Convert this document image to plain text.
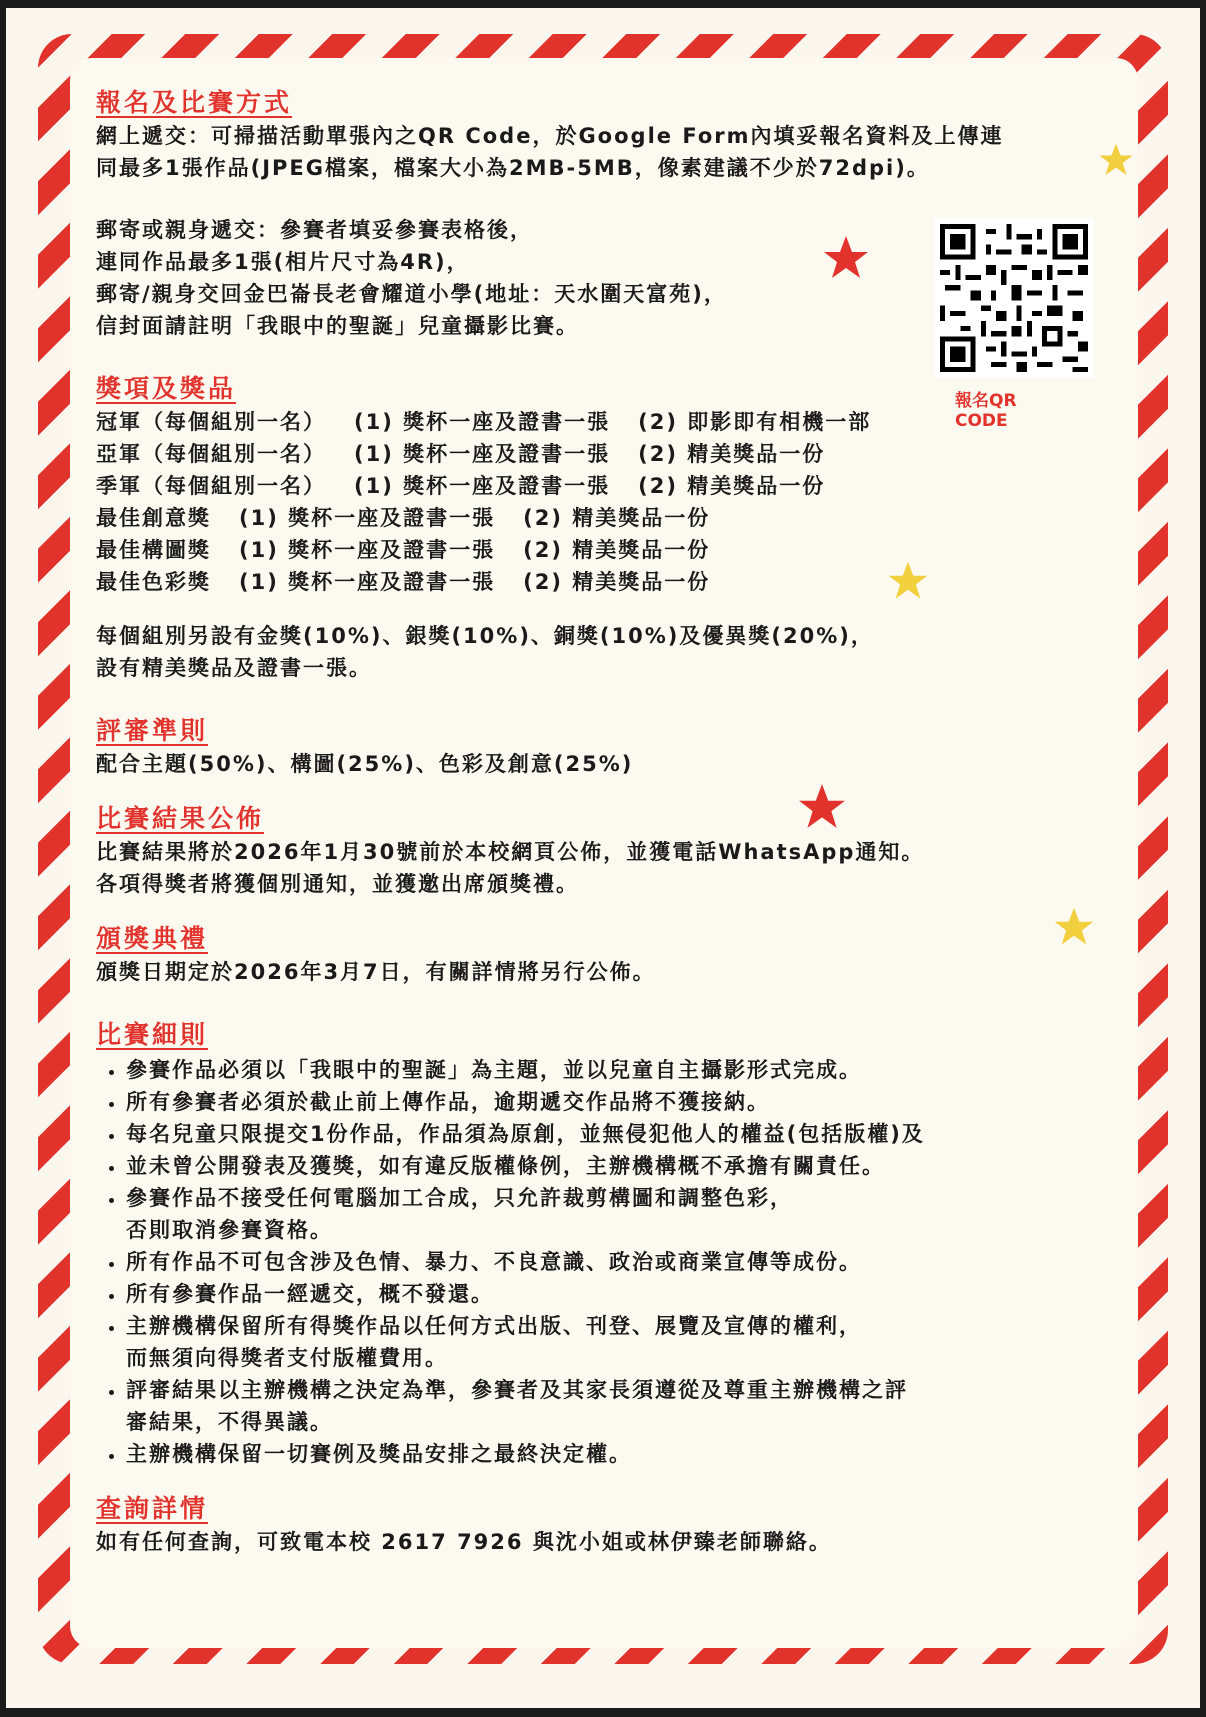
報名QR CODE
報名及比賽方式
網上遞交：可掃描活動單張內之QR Code，於Google Form內填妥報名資料及上傳連
同最多1張作品(JPEG檔案，檔案大小為2MB-5MB，像素建議不少於72dpi)。
郵寄或親身遞交：參賽者填妥參賽表格後，
連同作品最多1張(相片尺寸為4R)，
郵寄/親身交回金巴崙長老會耀道小學(地址：天水圍天富苑)，
信封面請註明「我眼中的聖誕」兒童攝影比賽。
獎項及獎品
冠軍（每個組別一名） (1) 獎杯一座及證書一張 (2) 即影即有相機一部
亞軍（每個組別一名） (1) 獎杯一座及證書一張 (2) 精美獎品一份
季軍（每個組別一名） (1) 獎杯一座及證書一張 (2) 精美獎品一份
最佳創意獎 (1) 獎杯一座及證書一張 (2) 精美獎品一份
最佳構圖獎 (1) 獎杯一座及證書一張 (2) 精美獎品一份
最佳色彩獎 (1) 獎杯一座及證書一張 (2) 精美獎品一份
每個組別另設有金獎(10%)、銀獎(10%)、銅獎(10%)及優異獎(20%)，
設有精美獎品及證書一張。
評審準則
配合主題(50%)、構圖(25%)、色彩及創意(25%)
比賽結果公佈
比賽結果將於2026年1月30號前於本校網頁公佈，並獲電話WhatsApp通知。
各項得獎者將獲個別通知，並獲邀出席頒獎禮。
頒獎典禮
頒獎日期定於2026年3月7日，有關詳情將另行公佈。
比賽細則
• 參賽作品必須以「我眼中的聖誕」為主題，並以兒童自主攝影形式完成。
• 所有參賽者必須於截止前上傳作品，逾期遞交作品將不獲接納。
• 每名兒童只限提交1份作品，作品須為原創，並無侵犯他人的權益(包括版權)及
• 並未曾公開發表及獲獎，如有違反版權條例，主辦機構概不承擔有關責任。
• 參賽作品不接受任何電腦加工合成，只允許裁剪構圖和調整色彩，
否則取消參賽資格。
• 所有作品不可包含涉及色情、暴力、不良意識、政治或商業宣傳等成份。
• 所有參賽作品一經遞交，概不發還。
• 主辦機構保留所有得獎作品以任何方式出版、刊登、展覽及宣傳的權利，
而無須向得獎者支付版權費用。
• 評審結果以主辦機構之決定為準，參賽者及其家長須遵從及尊重主辦機構之評
審結果，不得異議。
• 主辦機構保留一切賽例及獎品安排之最終決定權。
查詢詳情
如有任何查詢，可致電本校 2617 7926 與沈小姐或林伊臻老師聯絡。
